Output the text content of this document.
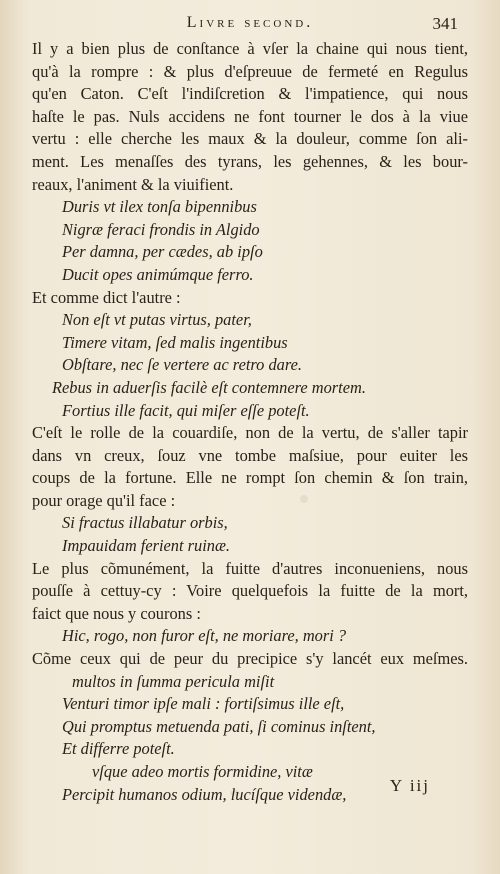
Livre second.	341
Il y a bien plus de conſtance à vſer la chaine qui nous tient,
qu'à la rompre : & plus d'eſpreuue de fermeté en Regulus
qu'en Caton. C'eſt l'indiſcretion & l'impatience, qui nous
haſte le pas. Nuls accidens ne font tourner le dos à la viue
vertu : elle cherche les maux & la douleur, comme ſon ali-
ment. Les menaſſes des tyrans, les gehennes, & les bour-
reaux, l'animent & la viuifient.
Duris vt ilex tonſa bipennibus
Nigræ feraci frondis in Algido
Per damna, per cædes, ab ipſo
Ducit opes animúmque ferro.
Et comme dict l'autre :
Non eſt vt putas virtus, pater,
Timere vitam, ſed malis ingentibus
Obſtare, nec ſe vertere ac retro dare.
Rebus in aduerſis facilè eſt contemnere mortem.
Fortius ille facit, qui miſer eſſe poteſt.
C'eſt le rolle de la couardiſe, non de la vertu, de s'aller tapir
dans vn creux, ſouz vne tombe maſsiue, pour euiter les
coups de la fortune. Elle ne rompt ſon chemin & ſon train,
pour orage qu'il face :
Si fractus illabatur orbis,
Impauidam ferient ruinæ.
Le plus cõmunément, la fuitte d'autres inconueniens, nous
pouſſe à cettuy-cy : Voire quelquefois la fuitte de la mort,
faict que nous y courons :
Hic, rogo, non furor eſt, ne moriare, mori ?
Cõme ceux qui de peur du precipice s'y lancét eux meſmes.
multos in ſumma pericula miſit
Venturi timor ipſe mali : fortiſsimus ille eſt,
Qui promptus metuenda pati, ſi cominus inſtent,
Et differre poteſt.
vſque adeo mortis formidine, vitæ
Percipit humanos odium, lucíſque videndæ,	Y iij
